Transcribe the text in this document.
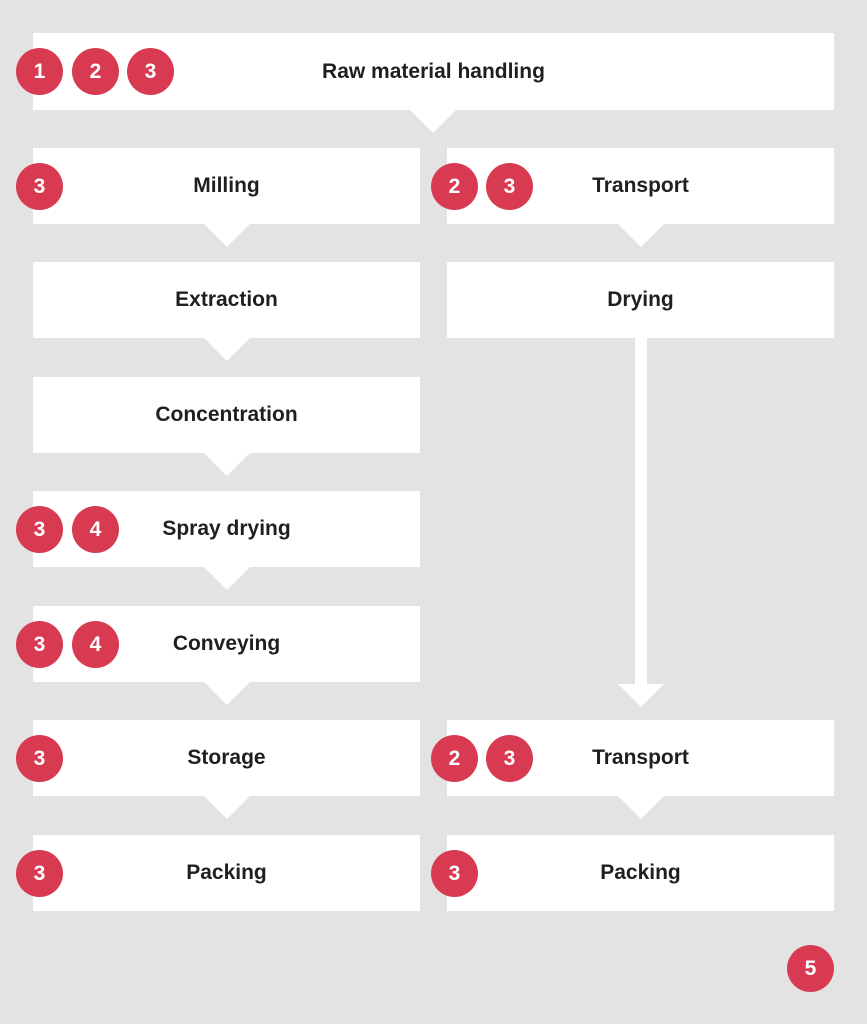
Raw material handling
Milling
Extraction
Concentration
Spray drying
Conveying
Storage
Packing
Transport
Drying
Transport
Packing
1	2	3
3
3	4
3	4
3
3
2	3
2	3
3
5
